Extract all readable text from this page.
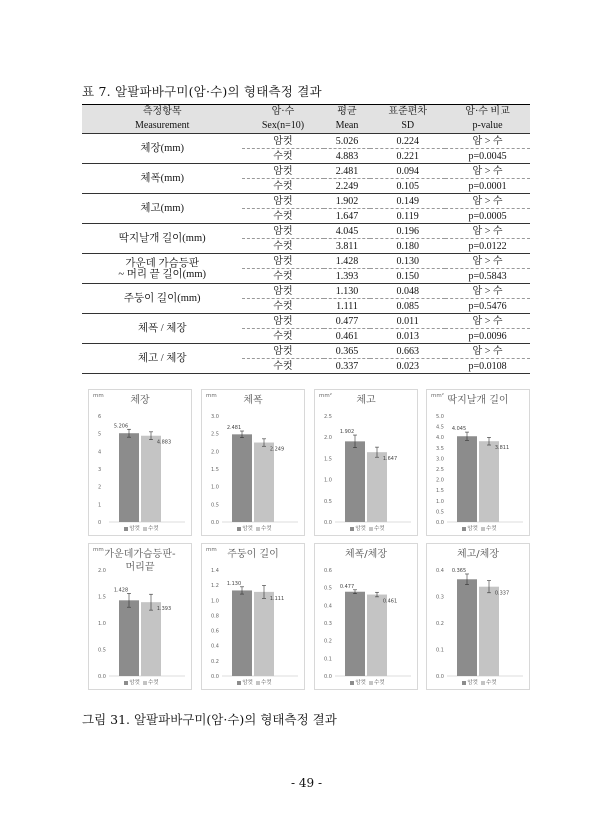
표 7. 알팔파바구미(암·수)의 형태측정 결과
측정항목	암·수	평균	표준편차	암·수 비교
Measurement	Sex(n=10)	Mean	SD	p-value
체장(mm)	암컷	5.026	0.224	암 > 수
	수컷	4.883	0.221	p=0.0045
체폭(mm)	암컷	2.481	0.094	암 > 수
	수컷	2.249	0.105	p=0.0001
체고(mm)	암컷	1.902	0.149	암 > 수
	수컷	1.647	0.119	p=0.0005
딱지날개 길이(mm)	암컷	4.045	0.196	암 > 수
	수컷	3.811	0.180	p=0.0122
가운데 가슴등판
~ 머리 끝 길이(mm)	암컷	1.428	0.130	암 > 수
	수컷	1.393	0.150	p=0.5843
주둥이 길이(mm)	암컷	1.130	0.048	암 > 수
	수컷	1.111	0.085	p=0.5476
체폭 / 체장	암컷	0.477	0.011	암 > 수
	수컷	0.461	0.013	p=0.0096
체고 / 체장	암컷	0.365	0.663	암 > 수
	수컷	0.337	0.023	p=0.0108
mm	체장
0
1
2
3
4
5
6
5.206
4.883
암컷 수컷
mm	체폭
0.0
0.5
1.0
1.5
2.0
2.5
3.0
2.481
2.249
암컷 수컷
mm²	체고
0.0
0.5
1.0
1.5
2.0
2.5
1.902
1.647
암컷 수컷
mm² 딱지날개 길이
0.0
0.5
1.0
1.5
2.0
2.5
3.0
3.5
4.0
4.5
5.0
4.045
3.811
암컷 수컷
mm 가운데가슴등판-
머리끝
0.0
0.5
1.0
1.5
2.0
1.428
1.393
암컷 수컷
mm	주둥이 길이
0.0
0.2
0.4
0.6
0.8
1.0
1.2
1.4
1.130
1.111
암컷 수컷
체폭/체장
0.0
0.1
0.2
0.3
0.4
0.5
0.6
0.477
0.461
암컷 수컷
체고/체장
0.0
0.1
0.2
0.3
0.4 0.365
0.337
암컷 수컷
그림 31. 알팔파바구미(암·수)의 형태측정 결과
- 49 -
